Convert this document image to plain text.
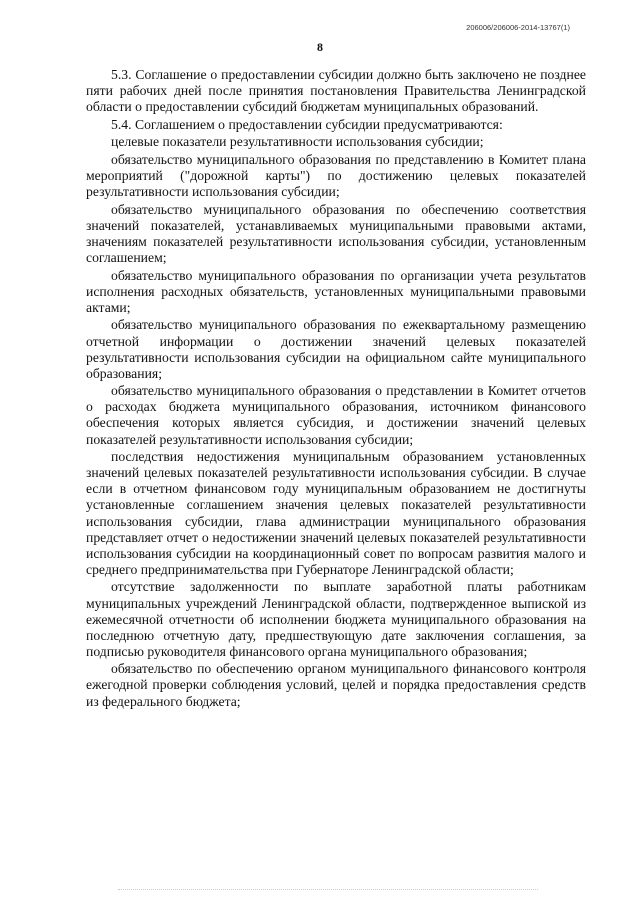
206006/206006-2014-13767(1)
8

5.3. Соглашение о предоставлении субсидии должно быть заключено не позднее пяти рабочих дней после принятия постановления Правительства Ленинградской области о предоставлении субсидий бюджетам муниципальных образований.

5.4. Соглашением о предоставлении субсидии предусматриваются:

целевые показатели результативности использования субсидии;

обязательство муниципального образования по представлению в Комитет плана мероприятий ("дорожной карты") по достижению целевых показателей результативности использования субсидии;

обязательство муниципального образования по обеспечению соответствия значений показателей, устанавливаемых муниципальными правовыми актами, значениям показателей результативности использования субсидии, установленным соглашением;

обязательство муниципального образования по организации учета результатов исполнения расходных обязательств, установленных муниципальными правовыми актами;

обязательство муниципального образования по ежеквартальному размещению отчетной информации о достижении значений целевых показателей результативности использования субсидии на официальном сайте муниципального образования;

обязательство муниципального образования о представлении в Комитет отчетов о расходах бюджета муниципального образования, источником финансового обеспечения которых является субсидия, и достижении значений целевых показателей результативности использования субсидии;

последствия недостижения муниципальным образованием установленных значений целевых показателей результативности использования субсидии. В случае если в отчетном финансовом году муниципальным образованием не достигнуты установленные соглашением значения целевых показателей результативности использования субсидии, глава администрации муниципального образования представляет отчет о недостижении значений целевых показателей результативности использования субсидии на координационный совет по вопросам развития малого и среднего предпринимательства при Губернаторе Ленинградской области;

отсутствие задолженности по выплате заработной платы работникам муниципальных учреждений Ленинградской области, подтвержденное выпиской из ежемесячной отчетности об исполнении бюджета муниципального образования на последнюю отчетную дату, предшествующую дате заключения соглашения, за подписью руководителя финансового органа муниципального образования;

обязательство по обеспечению органом муниципального финансового контроля ежегодной проверки соблюдения условий, целей и порядка предоставления средств из федерального бюджета;
